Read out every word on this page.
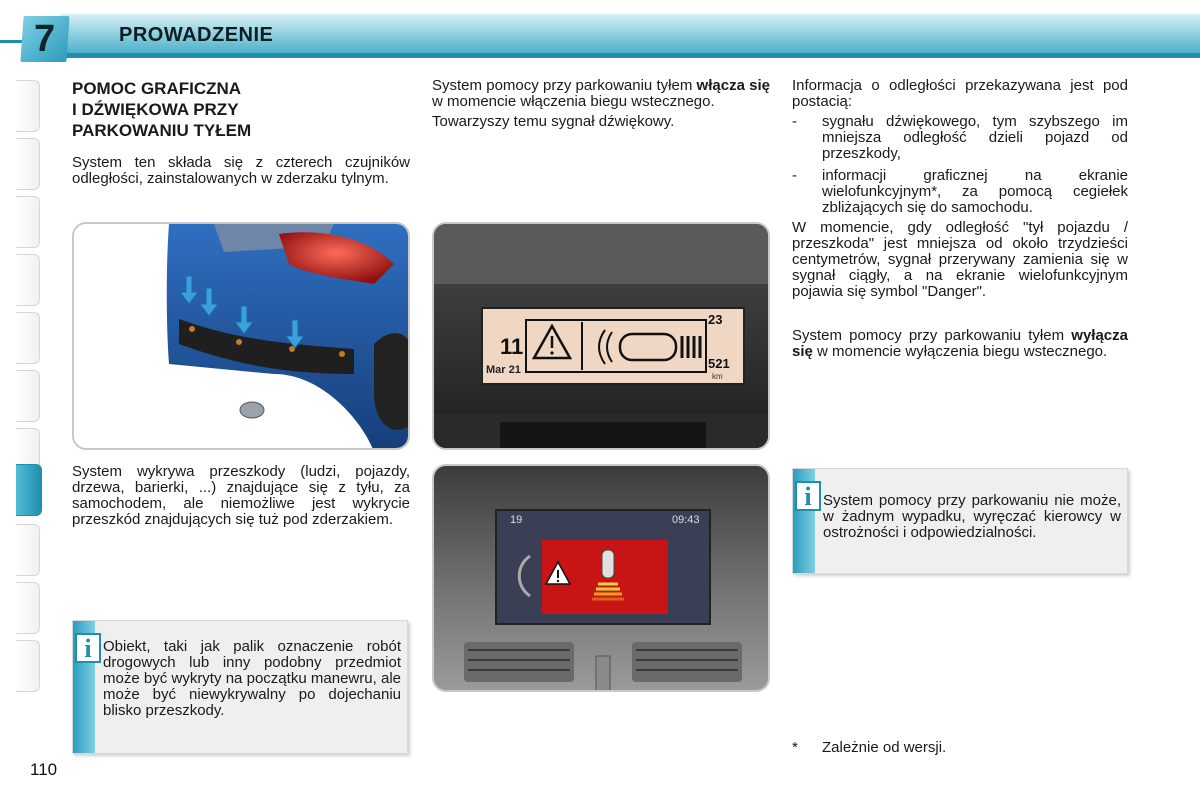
7	PROWADZENIE
POMOC GRAFICZNA
I DŹWIĘKOWA PRZY
PARKOWANIU TYŁEM

System ten składa się z czterech czujników odległości, zainstalowanych w zderzaku tylnym.

System wykrywa przeszkody (ludzi, pojazdy, drzewa, barierki, ...) znajdujące się z tyłu, za samochodem, ale niemożliwe jest wykrycie przeszkód znajdujących się tuż pod zderzakiem.
i Obiekt, taki jak palik oznaczenie robót drogowych lub inny podobny przedmiot może być wykryty na początku manewru, ale może być niewykrywalny po dojechaniu blisko przeszkody.

System pomocy przy parkowaniu tyłem włącza się w momencie włączenia biegu wstecznego.

Towarzyszy temu sygnał dźwiękowy.

11
Mar 21
23
521
km
19	09:43

Informacja o odległości przekazywana jest pod postacią:

-	sygnału dźwiękowego, tym szybszego im mniejsza odległość dzieli pojazd od przeszkody,
-	informacji graficznej na ekranie wielofunkcyjnym*, za pomocą cegiełek zbliżających się do samochodu.

W momencie, gdy odległość "tył pojazdu / przeszkoda" jest mniejsza od około trzydzieści centymetrów, sygnał przerywany zamienia się w sygnał ciągły, a na ekranie wielofunkcyjnym pojawia się symbol "Danger".

System pomocy przy parkowaniu tyłem wyłącza się w momencie wyłączenia biegu wstecznego.

i System pomocy przy parkowaniu nie może, w żadnym wypadku, wyręczać kierowcy w ostrożności i odpowiedzialności.
* Zależnie od wersji.
110
